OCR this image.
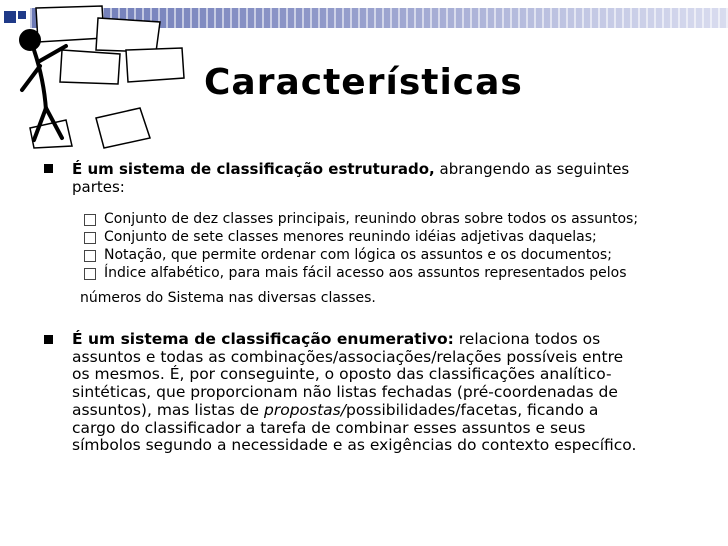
Características
É um sistema de classificação estruturado, abrangendo as seguintes
partes:
Conjunto de dez classes principais, reunindo obras sobre todos os assuntos;
Conjunto de sete classes menores reunindo idéias adjetivas daquelas;
Notação, que permite ordenar com lógica os assuntos e os documentos;
Índice alfabético, para mais fácil acesso aos assuntos representados pelos
números do Sistema nas diversas classes.
É um sistema de classificação enumerativo: relaciona todos os
assuntos e todas as combinações/associações/relações possíveis entre
os mesmos. É, por conseguinte, o oposto das classificações analítico-
sintéticas, que proporcionam não listas fechadas (pré-coordenadas de
assuntos), mas listas de propostas/possibilidades/facetas, ficando a
cargo do classificador a tarefa de combinar esses assuntos e seus
símbolos segundo a necessidade e as exigências do contexto específico.
